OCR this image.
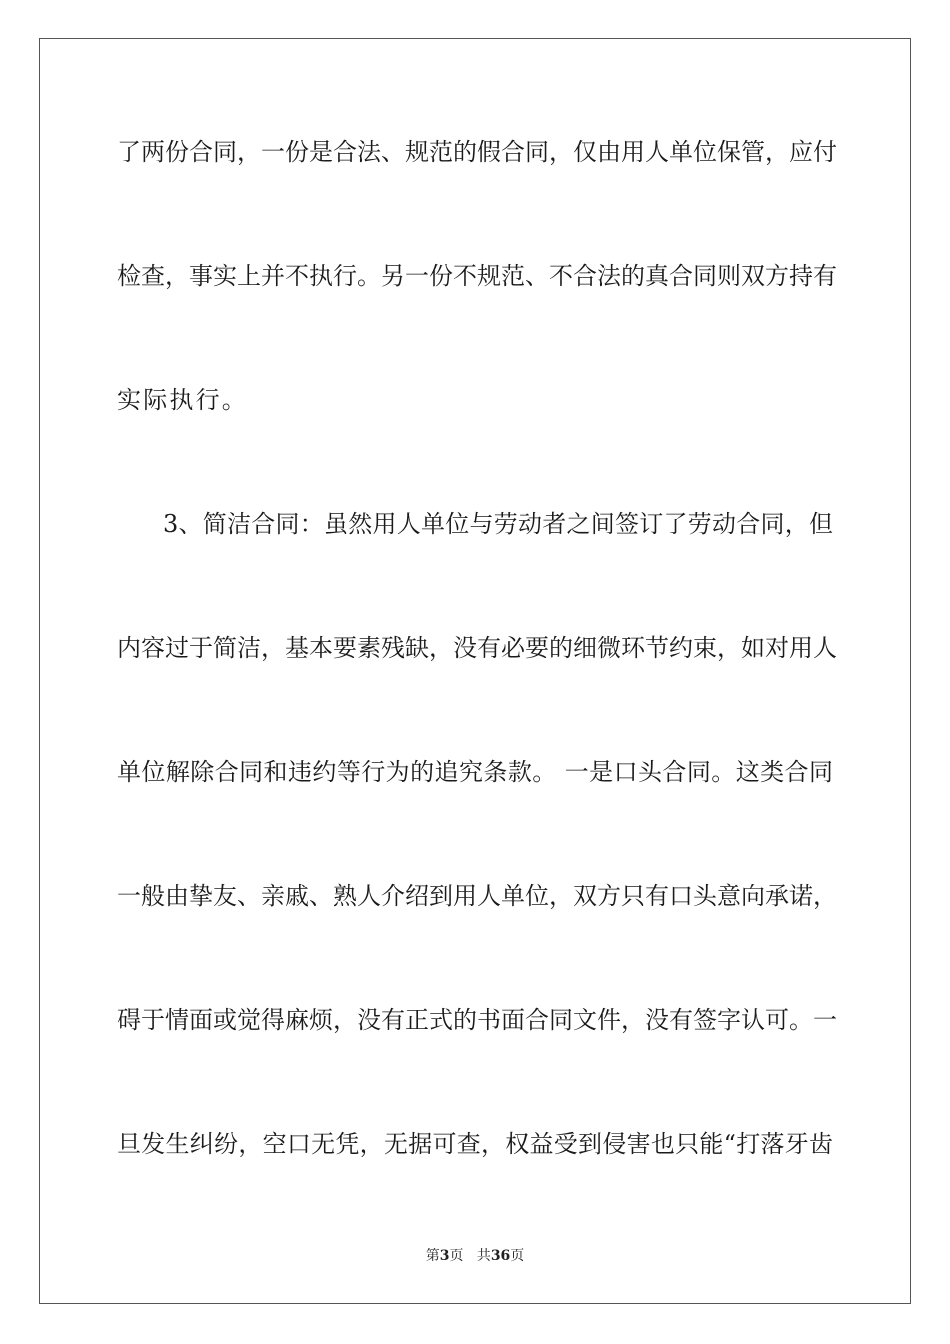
了两份合同，一份是合法、规范的假合同，仅由用人单位保管，应付
检查，事实上并不执行。另一份不规范、不合法的真合同则双方持有
实际执行。
3、简洁合同：虽然用人单位与劳动者之间签订了劳动合同，但
内容过于简洁，基本要素残缺，没有必要的细微环节约束，如对用人
单位解除合同和违约等行为的追究条款。 一是口头合同。这类合同
一般由挚友、亲戚、熟人介绍到用人单位，双方只有口头意向承诺，
碍于情面或觉得麻烦，没有正式的书面合同文件，没有签字认可。一
旦发生纠纷，空口无凭，无据可查，权益受到侵害也只能“打落牙齿
第3页 共36页
